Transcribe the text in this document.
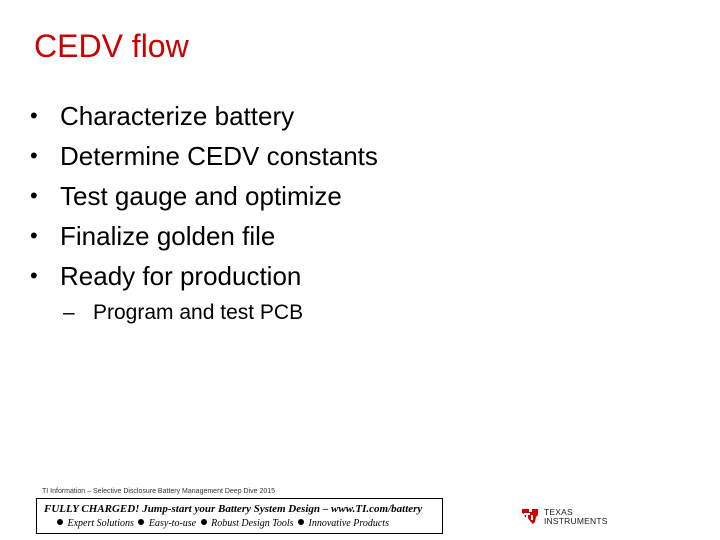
CEDV flow
• Characterize battery
• Determine CEDV constants
• Test gauge and optimize
• Finalize golden file
• Ready for production
– Program and test PCB
TI Information – Selective Disclosure Battery Management Deep Dive 2015
FULLY CHARGED! Jump-start your Battery System Design – www.TI.com/battery
Expert Solutions Easy-to-use Robust Design Tools Innovative Products
TEXAS
INSTRUMENTS
